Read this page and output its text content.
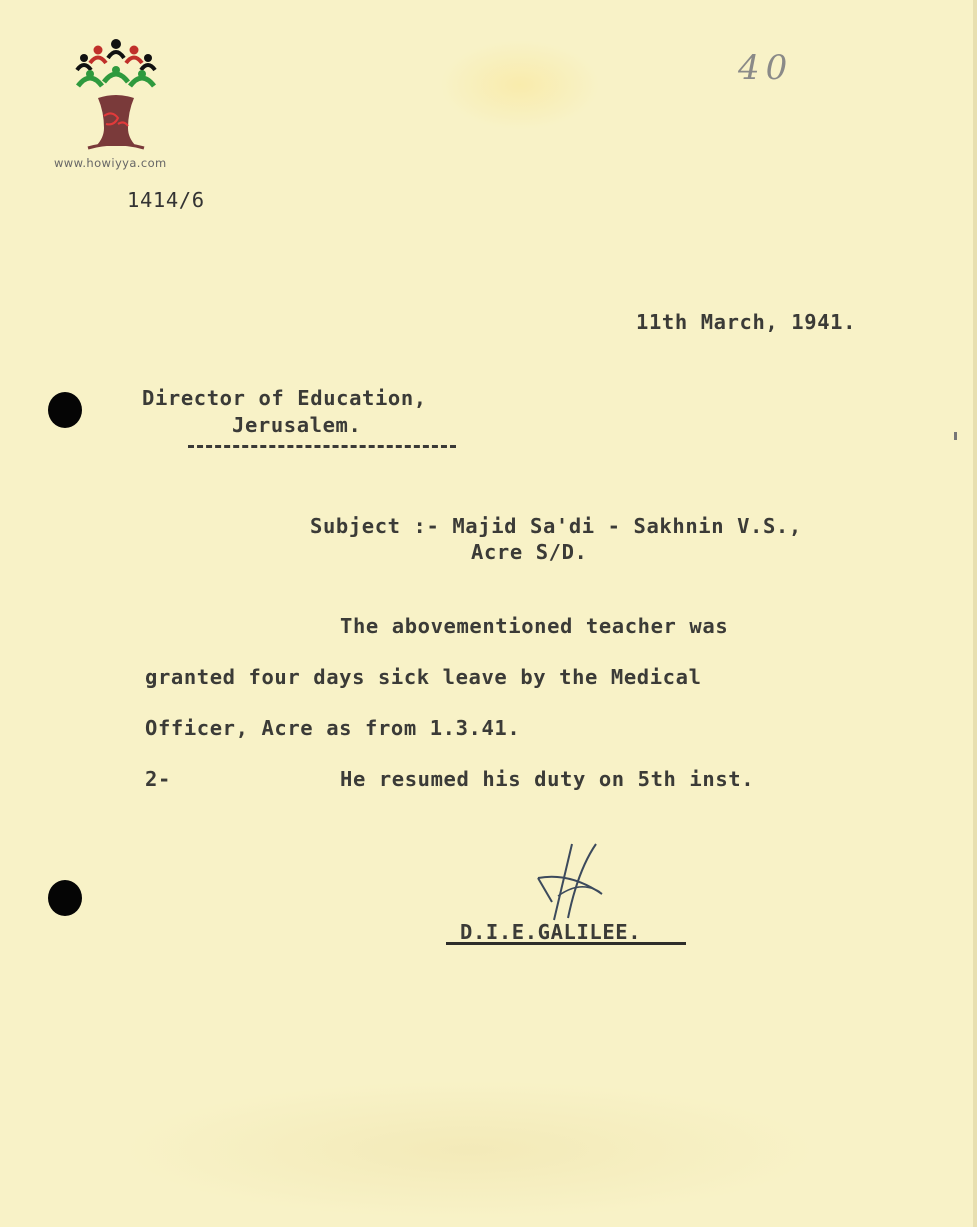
www.howiyya.com
40
1414/6
11th March, 1941.
Director of Education,
Jerusalem.
Subject :- Majid Sa'di - Sakhnin V.S.,
Acre S/D.
The abovementioned teacher was
granted four days sick leave by the Medical
Officer, Acre as from 1.3.41.
2-	He resumed his duty on 5th inst.
D.I.E.GALILEE.
